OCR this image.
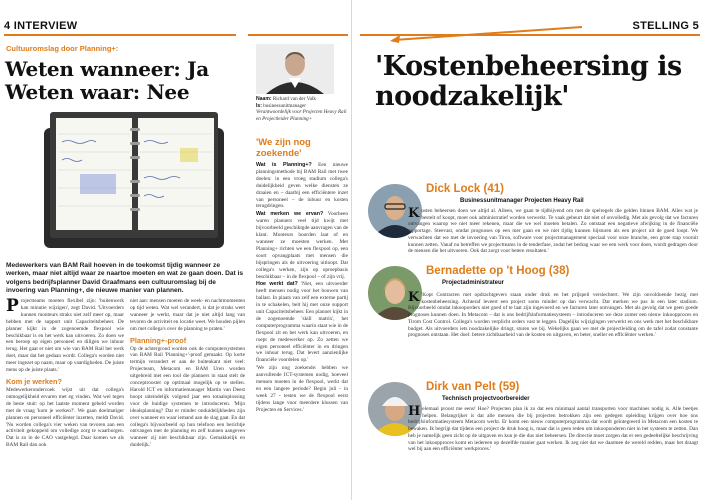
4 INTERVIEW
Cultuuromslag door Planning+:
Weten wanneer: Ja Weten waar: Nee
Medewerkers van BAM Rail hoeven in de toekomst tijdig wanneer ze werken, maar niet altijd waar ze naartoe moeten en wat ze gaan doen. Dat is volgens bedrijfsplanner David Graafmans een cultuuromslag bij de invoering van Planning+, de nieuwe manier van plannen.

Projectteams moeten flexibel zijn: 'buitenwerk kan minutie wijzigen', zegt David. 'Uitvoerders kunnen monteurs straks niet zelf meer op, maar hebben met de support unit Capaciteitsbeheer. De planner kijkt in de zogenoemde flexpool wie beschikbaar is en het werk kan uitvoeren. Zo doen we een beroep op eigen personeel en diligen we inhuur terug. Het gaat er niet om wie van BAM Rail het werk doet, maar dat het gedaan wordt. Collega's worden niet meer ingezet op naam, maar op vaardigheden. De juiste mens op de juiste plaats.'

Kom je werken?

Medewerkerondercoek wijst uit dat collega's onmogelijkheid ervaren met eg vinden. Wat wel tegen de beste stuit: op het laatste moment gebeld worden met de vraag 'kom je werken?'. We gaan doelmatiger plannen en personeel efficiënter inzetten, meldt David. 'Nu worden collega's vier weken van tevoren aan een activiteit gekoppeld om volledige zorg te waarborgen. Dat is zo in de CAO vastgelegd. Daar komen we als BAM Rail dan ook

niet aan: mensen moeten de week- en nachtmomenten op tijd weten. Wat wel verandert, is dat je straks weet wanneer je werkt, maar dat je niet altijd lang van tevoren de activiteit en locatie weet. We houden pijlen om met collega's over de planning te praten.'

Planning+-proof

Op de achtergrond worden ook de computersystemen van BAM Rail 'Planning+'-proof gemaakt. Op korte termijn verandert er aan de buitenkant niet veel: Projecteam, Metacom en BAM Uren worden uitgebreid met een tool die planners in staat stelt de conceptrooster op optimaal mogelijk op te stellen. Harold ICT en informatiemanager Martin van Deest hoopt uiteindelijk volgend jaar een totaaloplossing voor de huidige systemen te introduceren. 'Mijn idealsplanning? Dat er minder onduidelijkheden zijn over wanneer en waar iemand aan de slag gaat. En dat collega's bijvoorbeeld op hun telefoon een berichtje ontvangen met de planning en zelf kunnen aangeven wanneer zij niet beschikbaar zijn. Gemakkelijk en duidelijk.'

Naam: Richard van der Valk
Is: businessunitmanager
Verantwoordelijk voor Projecten Heavy Rail en Projectleider Planning+
'We zijn nog zoekende'

Wat is Planning+? Een nieuwe planningsmethode bij BAM Rail met twee doelen: in een vroeg stadium collega's duidelijkheid geven welke diensten ze draaien en – daarbij een efficiëntere inzet van personeel – de inhuur en kosten terugdringen.

Wat merken we ervan? Voorheen waren planners veel tijd kwijt met bijvoorbeeld geschiktgde aanvragen van de klant. Monteurs hoorden laat of en wanneer ze moesten werken. Met Planning+ richten we een flexpool op, een soort opvangplaats met mensen die bijspringen als de uitvoering uitloopt. Dat collega's werken, zijn op oproepbasis beschikbaar – in de flexpool – of zijn vrij.

Hoe werkt dat? 'Niet, een uitvoerder heeft mensen nodig voor het bouwen van ballast. In plaats van zelf een externe partij in te schakelen, belt hij met onze support unit Capaciteitsbeheer. Een planner kijkt in de zogenoemde 'skill matrix', het computerprogramma waarin staat wie in de flexpool zit en het werk kan uitvoeren, en roept de medewerker op. Zo zetten we eigen personeel efficiënter in en dringen we inhuur terug. Dat levert aanzienlijke financiële voordelen op.'

'We zijn nog zoekende: hebben we aanvullende ICT-systemen nodig, hoeveel mensen moeten in de flexpool, werkt dat en een langere periode? Begin juli - in week 27 - testen we de flexpool eerst tijdens lange voor meerdere klussen van Projecten en Services.'

STELLING 5
'Kostenbeheersing is noodzakelijk'
Dick Lock (41)
Businessunitmanager Projecten Heavy Rail
Kosten beheersen doen we altijd al. Alleen, we gaan te tijdbijvend om met de spelregels die gelden binnen BAM. Alles wat je bestelt of koopt, moet ook administratief worden verwerkt. Te vaak gebeurt dat niet of onvolledig. Met als gevolg dat we facturen ontvangen waarop we niet meer rekenen, maar die we wel moeten betalen. Zo ontstaat een negatieve afwijking in de financiële rapportage. Steevast, omdat prognoses op een mer gaan en we niet tijdig kunnen bijsturen als een project uit de goed loopt. We verwachten dat we met de invoering van Tiron, software voor projectmanagement speciaal voor onze branche, een grote stap vooruit kunnen zetten. Vanaf nu betreffen we projectteams in de tenderfase, zodat het bedrag waar we een werk voor doen, wordt gedragen door de mensen die het uitvoeren. Ook dat zorgt voor betere resultaten.'
Bernadette op 't Hoog (38)
Projectadministrateur
K 'Kopt Contracten met opdrachtgevers staan onder druk en het prijspeil verslechtert. We zijn onvoldoende bezig met kostenbeheersing. Achteraf leveert een project soms minder op dan verwacht. Dat merken we pas in een later stadium. Bijvoorbeeld omdat inkooporders niet goed of te laat zijn ingevoerd en we facturen later ontvangen. Met als gevolg dat we geen goede prognoses kunnen doen. In Metacom – dat is ons bedrijfsinformatiesysteem – introduceren we deze zomer een nieuw inkoopproces en Tirom Cost Control. Collega's worden verplicht orders vast te leggen. Dagelijks wijzigingen verwerkt en ons werk met het beschikbare budget. Als uitvoerders iets noodzakelijke dringt, sturen we bij. Wekelijks gaan we met de projectleiding om de tafel zodat constante prognoses ontstaan. Het doel: betere zichtbaarheid van de kosten en uitgaven, en beter, sneller en efficiënter werken.'
Dirk van Pelt (59)
Technisch projectvoorbereider
Helemaal proost me eens! Hoe? Projecten plan ik zo dat een minimaal aantal transporten voor machines nodig is. Alle beetjes helpen. Belangrijker is dat alle mensen die bij projecten betrokken zijn een gedegen opleiding krijgen over hoe ons bedrijfsinformatiesysteem Metacom werkt. Er komt een nieuw computerprogramma dat wordt geïntegreerd in Metacom een kosten te bewaken. Ik begrijp dat tijdens een project de druk hoog is, maar dat is geen reden om inkooponderen niet in het systeem te zetten. Dan heb je namelijk geen zicht op de uitgaven en kun je die dus niet beheersen. De directie moet zorgen dat er een gedeeltelijke beschrijving van het inkoopproces komt en iedereen op dezelfde manier gaat werken. Ik zeg niet dat we daarmee de wereld redden, maar het draagt wel bij aan een efficiënter werkproces.'
